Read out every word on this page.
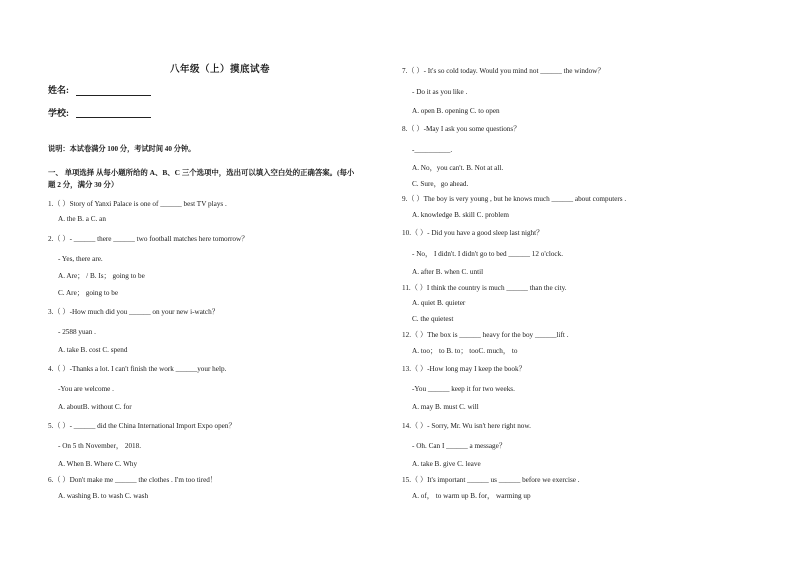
八年级（上）摸底试卷
姓名:
学校:
说明：本试卷满分 100 分，考试时间 40 分钟。
一、 单项选择 从每小题所给的 A、B、C 三个选项中，选出可以填入空白处的正确答案。(每小
题 2 分，满分 30 分）
1.（ ）Story of Yanxi Palace is one of ______ best TV plays .
A. the B. a C. an
2.（ ）- ______ there ______ two football matches here tomorrow？
- Yes, there are.
A. Are； / B. Is； going to be
C. Are； going to be
3.（ ）-How much did you ______ on your new i-watch？
- 2588 yuan .
A. take B. cost C. spend
4.（ ）-Thanks a lot. I can't finish the work ______your help.
-You are welcome .
A. aboutB. without C. for
5.（ ）- ______ did the China International Import Expo open？
- On 5 th November， 2018.
A. When B. Where C. Why
6.（ ）Don't make me ______ the clothes . I'm too tired！
A. washing B. to wash C. wash
7.（ ）- It's so cold today. Would you mind not ______ the window？
- Do it as you like .
A. open B. opening C. to open
8.（ ）-May I ask you some questions？
-__________.
A. No，you can't. B. Not at all.
C. Sure，go ahead.
9.（ ）The boy is very young , but he knows much ______ about computers .
A. knowledge B. skill C. problem
10.（ ）- Did you have a good sleep last night？
- No， I didn't. I didn't go to bed ______ 12 o'clock.
A. after B. when C. until
11.（ ）I think the country is much ______ than the city.
A. quiet B. quieter
C. the quietest
12.（ ）The box is ______ heavy for the boy ______lift .
A. too； to B. to； tooC. much， to
13.（ ）-How long may I keep the book？
-You ______ keep it for two weeks.
A. may B. must C. will
14.（ ）- Sorry, Mr. Wu isn't here right now.
- Oh. Can I ______ a message？
A. take B. give C. leave
15.（ ）It's important ______ us ______ before we exercise .
A. of， to warm up B. for， warming up
